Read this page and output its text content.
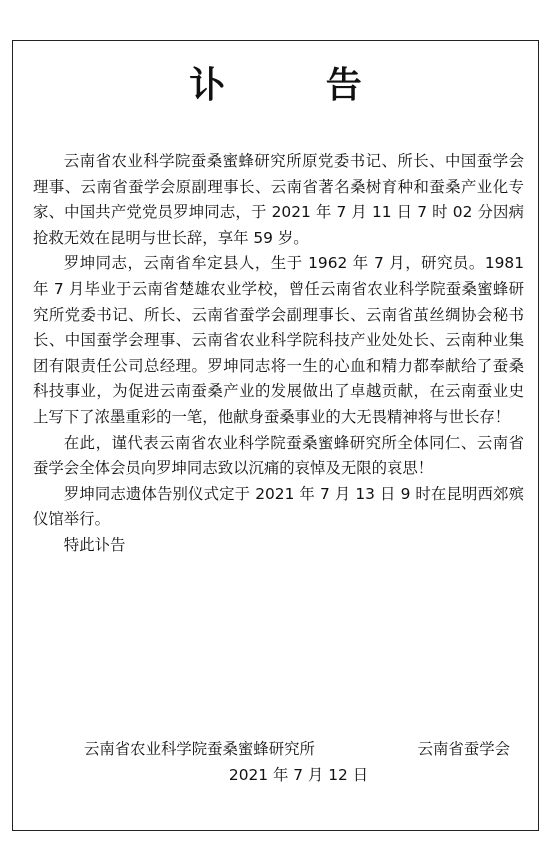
讣 告

云南省农业科学院蚕桑蜜蜂研究所原党委书记、所长、中国蚕学会理事、云南省蚕学会原副理事长、云南省著名桑树育种和蚕桑产业化专家、中国共产党党员罗坤同志，于 2021 年 7 月 11 日 7 时 02 分因病抢救无效在昆明与世长辞，享年 59 岁。

罗坤同志，云南省牟定县人，生于 1962 年 7 月，研究员。1981 年 7 月毕业于云南省楚雄农业学校，曾任云南省农业科学院蚕桑蜜蜂研究所党委书记、所长、云南省蚕学会副理事长、云南省茧丝绸协会秘书长、中国蚕学会理事、云南省农业科学院科技产业处处长、云南种业集团有限责任公司总经理。罗坤同志将一生的心血和精力都奉献给了蚕桑科技事业，为促进云南蚕桑产业的发展做出了卓越贡献，在云南蚕业史上写下了浓墨重彩的一笔，他献身蚕桑事业的大无畏精神将与世长存！

在此，谨代表云南省农业科学院蚕桑蜜蜂研究所全体同仁、云南省蚕学会全体会员向罗坤同志致以沉痛的哀悼及无限的哀思！

罗坤同志遗体告别仪式定于 2021 年 7 月 13 日 9 时在昆明西郊殡仪馆举行。

特此讣告

云南省农业科学院蚕桑蜜蜂研究所	云南省蚕学会
2021 年 7 月 12 日
